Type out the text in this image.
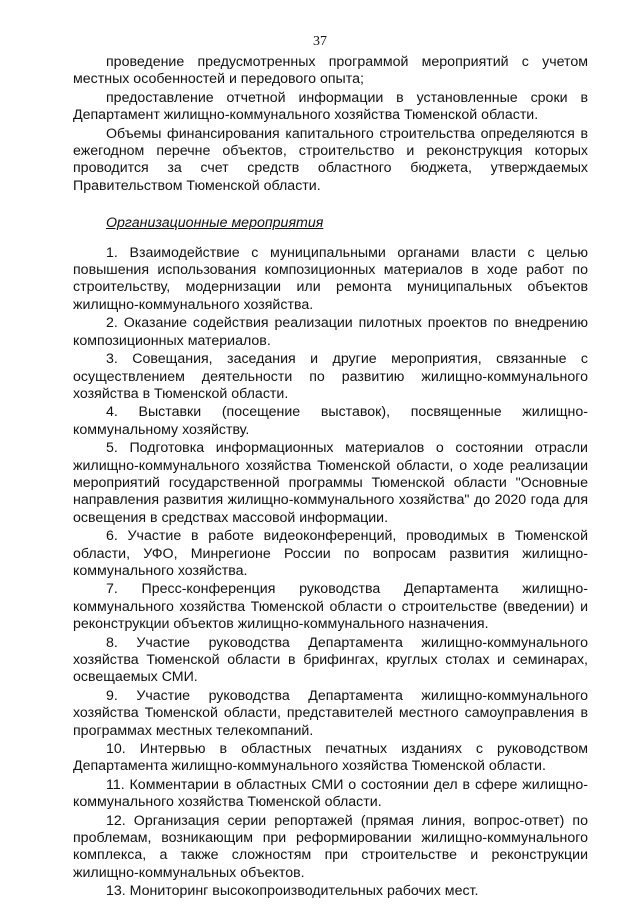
37

проведение предусмотренных программой мероприятий с учетом местных особенностей и передового опыта;

предоставление отчетной информации в установленные сроки в Департамент жилищно-коммунального хозяйства Тюменской области.

Объемы финансирования капитального строительства определяются в ежегодном перечне объектов, строительство и реконструкция которых проводится за счет средств областного бюджета, утверждаемых Правительством Тюменской области.

Организационные мероприятия

1. Взаимодействие с муниципальными органами власти с целью повышения использования композиционных материалов в ходе работ по строительству, модернизации или ремонта муниципальных объектов жилищно-коммунального хозяйства.

2. Оказание содействия реализации пилотных проектов по внедрению композиционных материалов.

3. Совещания, заседания и другие мероприятия, связанные с осуществлением деятельности по развитию жилищно-коммунального хозяйства в Тюменской области.

4. Выставки (посещение выставок), посвященные жилищно-коммунальному хозяйству.

5. Подготовка информационных материалов о состоянии отрасли жилищно-коммунального хозяйства Тюменской области, о ходе реализации мероприятий государственной программы Тюменской области "Основные направления развития жилищно-коммунального хозяйства" до 2020 года для освещения в средствах массовой информации.

6. Участие в работе видеоконференций, проводимых в Тюменской области, УФО, Минрегионе России по вопросам развития жилищно-коммунального хозяйства.

7. Пресс-конференция руководства Департамента жилищно-коммунального хозяйства Тюменской области о строительстве (введении) и реконструкции объектов жилищно-коммунального назначения.

8. Участие руководства Департамента жилищно-коммунального хозяйства Тюменской области в брифингах, круглых столах и семинарах, освещаемых СМИ.

9. Участие руководства Департамента жилищно-коммунального хозяйства Тюменской области, представителей местного самоуправления в программах местных телекомпаний.

10. Интервью в областных печатных изданиях с руководством Департамента жилищно-коммунального хозяйства Тюменской области.

11. Комментарии в областных СМИ о состоянии дел в сфере жилищно-коммунального хозяйства Тюменской области.

12. Организация серии репортажей (прямая линия, вопрос-ответ) по проблемам, возникающим при реформировании жилищно-коммунального комплекса, а также сложностям при строительстве и реконструкции жилищно-коммунальных объектов.

13. Мониторинг высокопроизводительных рабочих мест.
